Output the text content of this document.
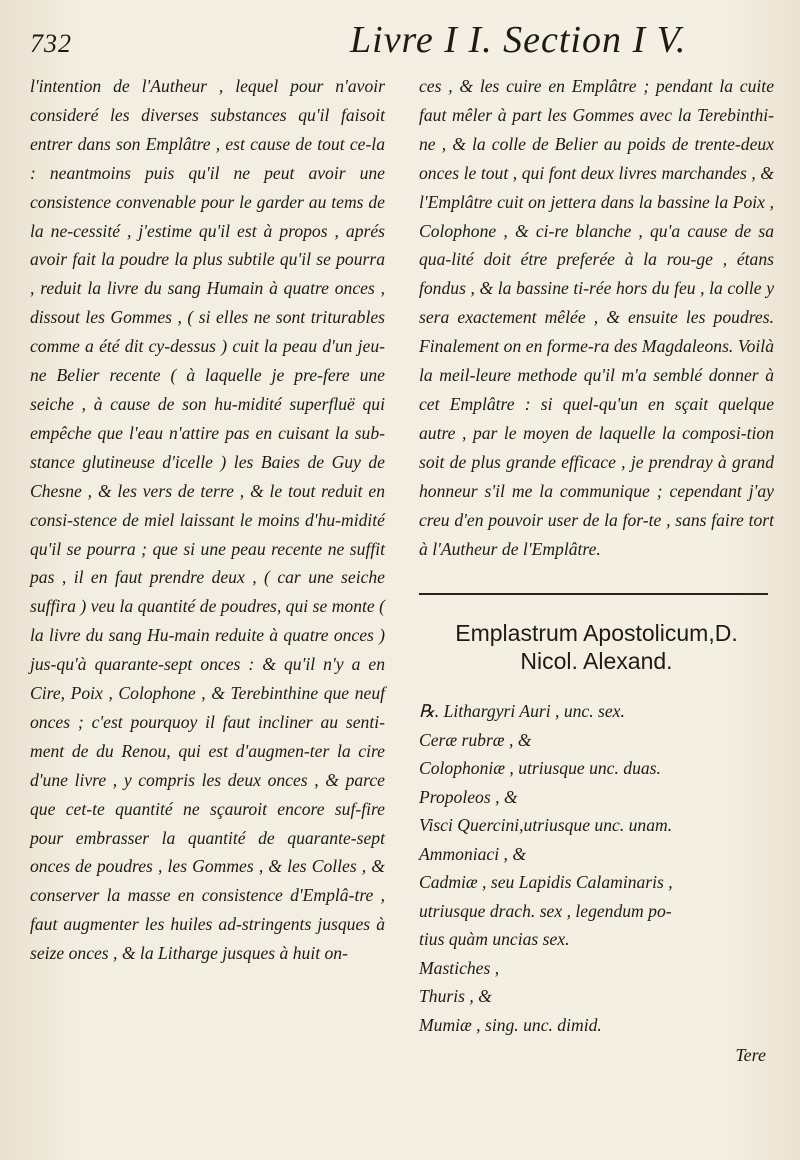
732	Livre I I. Section I V.

l'intention de l'Autheur , lequel pour n'avoir consideré les diverses substances qu'il faisoit entrer dans son Emplâtre , est cause de tout ce-la : neantmoins puis qu'il ne peut avoir une consistence convenable pour le garder au tems de la ne-cessité , j'estime qu'il est à propos , aprés avoir fait la poudre la plus subtile qu'il se pourra , reduit la livre du sang Humain à quatre onces , dissout les Gommes , ( si elles ne sont triturables comme a été dit cy-dessus ) cuit la peau d'un jeu-ne Belier recente ( à laquelle je pre-fere une seiche , à cause de son hu-midité superfluë qui empêche que l'eau n'attire pas en cuisant la sub-stance glutineuse d'icelle ) les Baies de Guy de Chesne , & les vers de terre , & le tout reduit en consi-stence de miel laissant le moins d'hu-midité qu'il se pourra ; que si une peau recente ne suffit pas , il en faut prendre deux , ( car une seiche suffira ) veu la quantité de poudres, qui se monte ( la livre du sang Hu-main reduite à quatre onces ) jus-qu'à quarante-sept onces : & qu'il n'y a en Cire, Poix , Colophone , & Terebinthine que neuf onces ; c'est pourquoy il faut incliner au senti-ment de du Renou, qui est d'augmen-ter la cire d'une livre , y compris les deux onces , & parce que cet-te quantité ne sçauroit encore suf-fire pour embrasser la quantité de quarante-sept onces de poudres , les Gommes , & les Colles , & conserver la masse en consistence d'Emplâ-tre , faut augmenter les huiles ad-stringents jusques à seize onces , & la Litharge jusques à huit on-

ces , & les cuire en Emplâtre ; pendant la cuite faut mêler à part les Gommes avec la Terebinthi-ne , & la colle de Belier au poids de trente-deux onces le tout , qui font deux livres marchandes , & l'Emplâtre cuit on jettera dans la bassine la Poix , Colophone , & ci-re blanche , qu'a cause de sa qua-lité doit étre preferée à la rou-ge , étans fondus , & la bassine ti-rée hors du feu , la colle y sera exactement mêlée , & ensuite les poudres. Finalement on en forme-ra des Magdaleons. Voilà la meil-leure methode qu'il m'a semblé donner à cet Emplâtre : si quel-qu'un en sçait quelque autre , par le moyen de laquelle la composi-tion soit de plus grande efficace , je prendray à grand honneur s'il me la communique ; cependant j'ay creu d'en pouvoir user de la for-te , sans faire tort à l'Autheur de l'Emplâtre.

Emplastrum Apostolicum,D.

Nicol. Alexand.

℞. Lithargyri Auri , unc. sex.

Ceræ rubræ , &

Colophoniæ , utriusque unc. duas.

Propoleos , &

Visci Quercini,utriusque unc. unam.

Ammoniaci , &

Cadmiæ , seu Lapidis Calaminaris ,

utriusque drach. sex , legendum po-

tius quàm uncias sex.

Mastiches ,

Thuris , &

Mumiæ , sing. unc. dimid.

Tere
